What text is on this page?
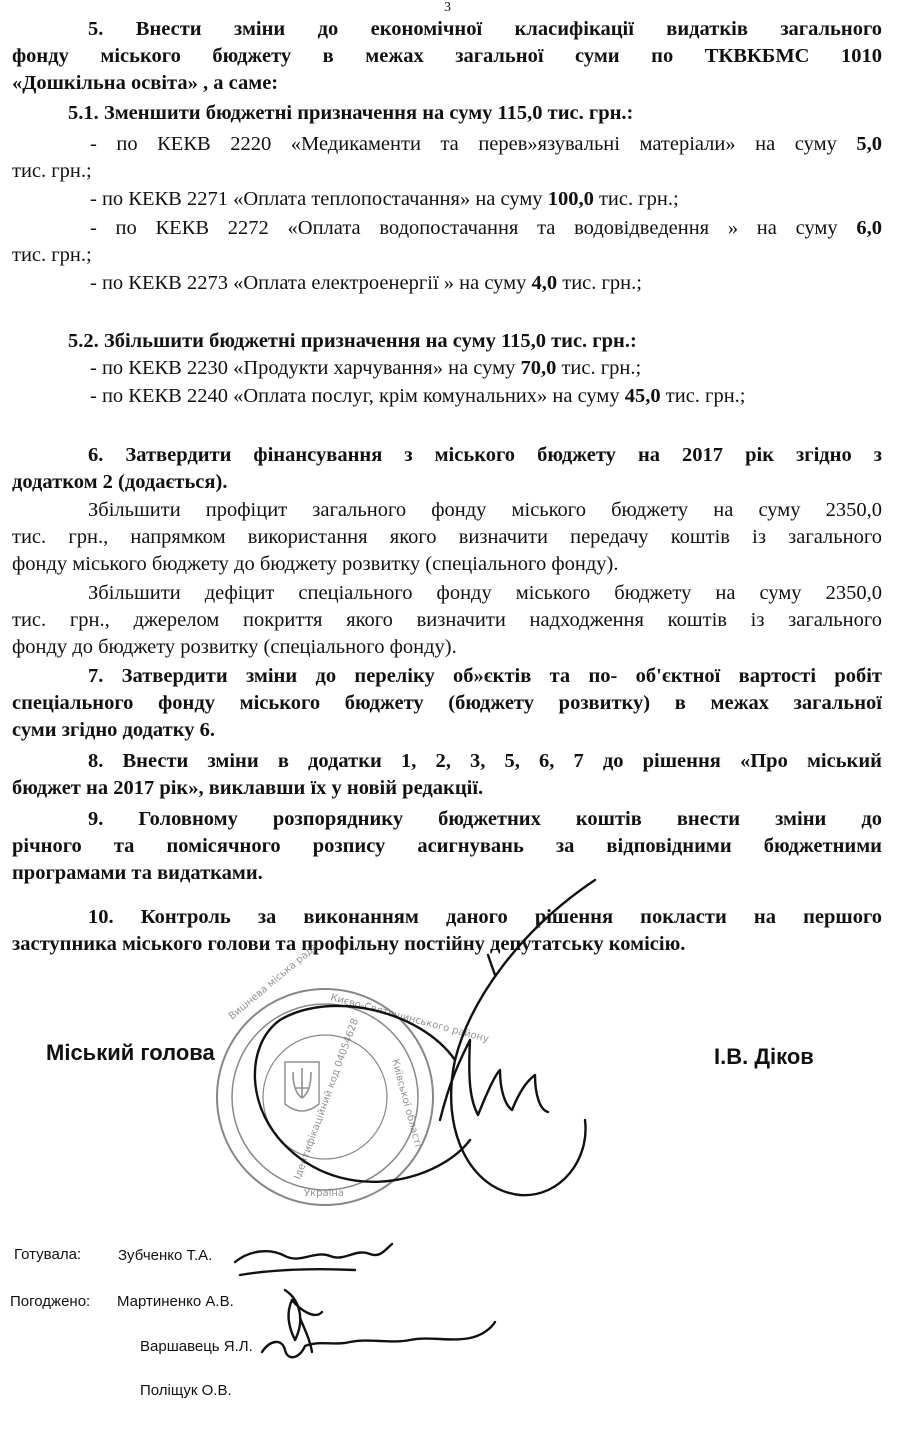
3
5. Внести зміни до економічної класифікації видатків загального
фонду міського бюджету в межах загальної суми по ТКВКБМС 1010
«Дошкільна освіта» , а саме:
5.1. Зменшити бюджетні призначення на суму 115,0 тис. грн.:
- по КЕКВ 2220 «Медикаменти та перев»язувальні матеріали» на суму 5,0
тис. грн.;
- по КЕКВ 2271 «Оплата теплопостачання» на суму 100,0 тис. грн.;
- по КЕКВ 2272 «Оплата водопостачання та водовідведення » на суму 6,0
тис. грн.;
- по КЕКВ 2273 «Оплата електроенергії » на суму 4,0 тис. грн.;
5.2. Збільшити бюджетні призначення на суму 115,0 тис. грн.:
- по КЕКВ 2230 «Продукти харчування» на суму 70,0 тис. грн.;
- по КЕКВ 2240 «Оплата послуг, крім комунальних» на суму 45,0 тис. грн.;
6. Затвердити фінансування з міського бюджету на 2017 рік згідно з
додатком 2 (додається).
Збільшити профіцит загального фонду міського бюджету на суму 2350,0
тис. грн., напрямком використання якого визначити передачу коштів із загального
фонду міського бюджету до бюджету розвитку (спеціального фонду).
Збільшити дефіцит спеціального фонду міського бюджету на суму 2350,0
тис. грн., джерелом покриття якого визначити надходження коштів із загального
фонду до бюджету розвитку (спеціального фонду).
7. Затвердити зміни до переліку об»єктів та по- об'єктної вартості робіт
спеціального фонду міського бюджету (бюджету розвитку) в межах загальної
суми згідно додатку 6.
8. Внести зміни в додатки 1, 2, 3, 5, 6, 7 до рішення «Про міський
бюджет на 2017 рік», виклавши їх у новій редакції.
9. Головному розпоряднику бюджетних коштів внести зміни до
річного та помісячного розпису асигнувань за відповідними бюджетними
програмами та видатками.
10. Контроль за виконанням даного рішення покласти на першого
заступника міського голови та профільну постійну депутатську комісію.
Вишнева міська рада Києво-Святошинського району
Київської області
Ідентифікаційний код 04054628
Україна
Міський голова	І.В. Діков
Готувала: Зубченко Т.А.
Погоджено: Мартиненко А.В.
Варшавець Я.Л.
Поліщук О.В.
